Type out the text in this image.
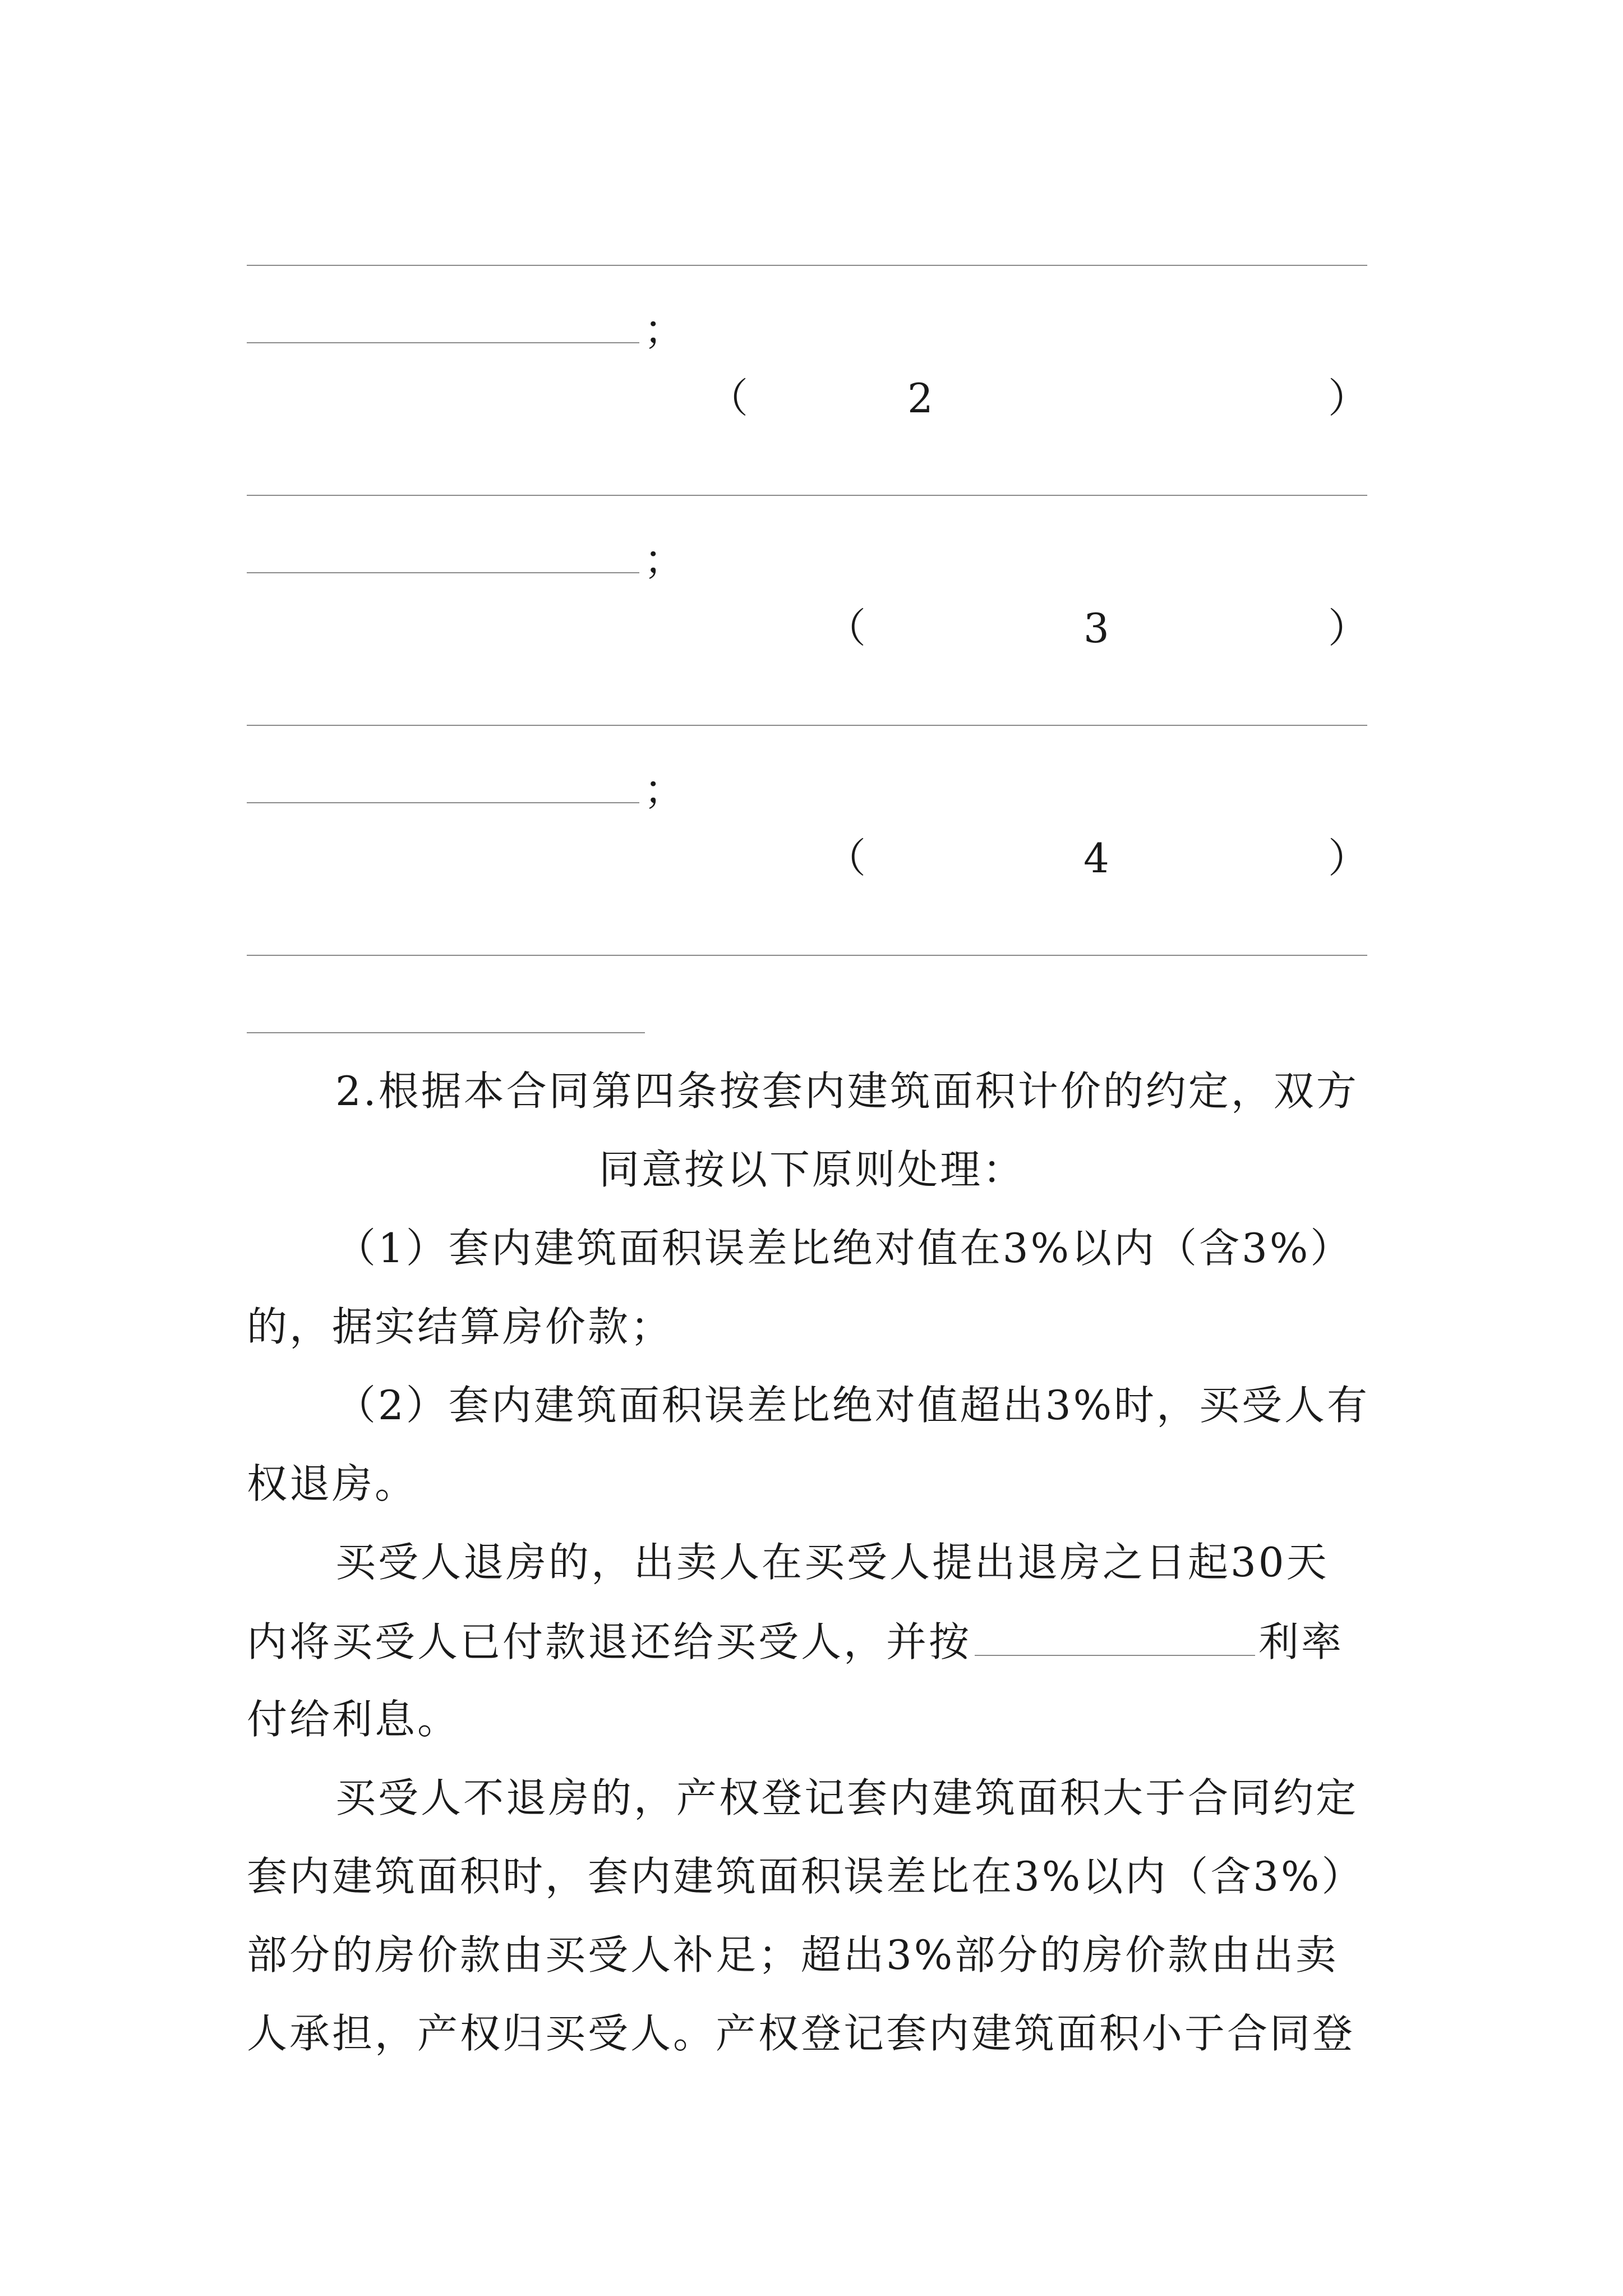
；
（	2	）
；
（	3	）
；
（	4	）
2.根据本合同第四条按套内建筑面积计价的约定，双方
同意按以下原则处理：
（1）套内建筑面积误差比绝对值在3%以内（含3%）
的，据实结算房价款；
（2）套内建筑面积误差比绝对值超出3%时，买受人有
权退房。
买受人退房的，出卖人在买受人提出退房之日起30天
内将买受人已付款退还给买受人，并按	利率
付给利息。
买受人不退房的，产权登记套内建筑面积大于合同约定
套内建筑面积时，套内建筑面积误差比在3%以内（含3%）
部分的房价款由买受人补足；超出3%部分的房价款由出卖
人承担，产权归买受人。产权登记套内建筑面积小于合同登
